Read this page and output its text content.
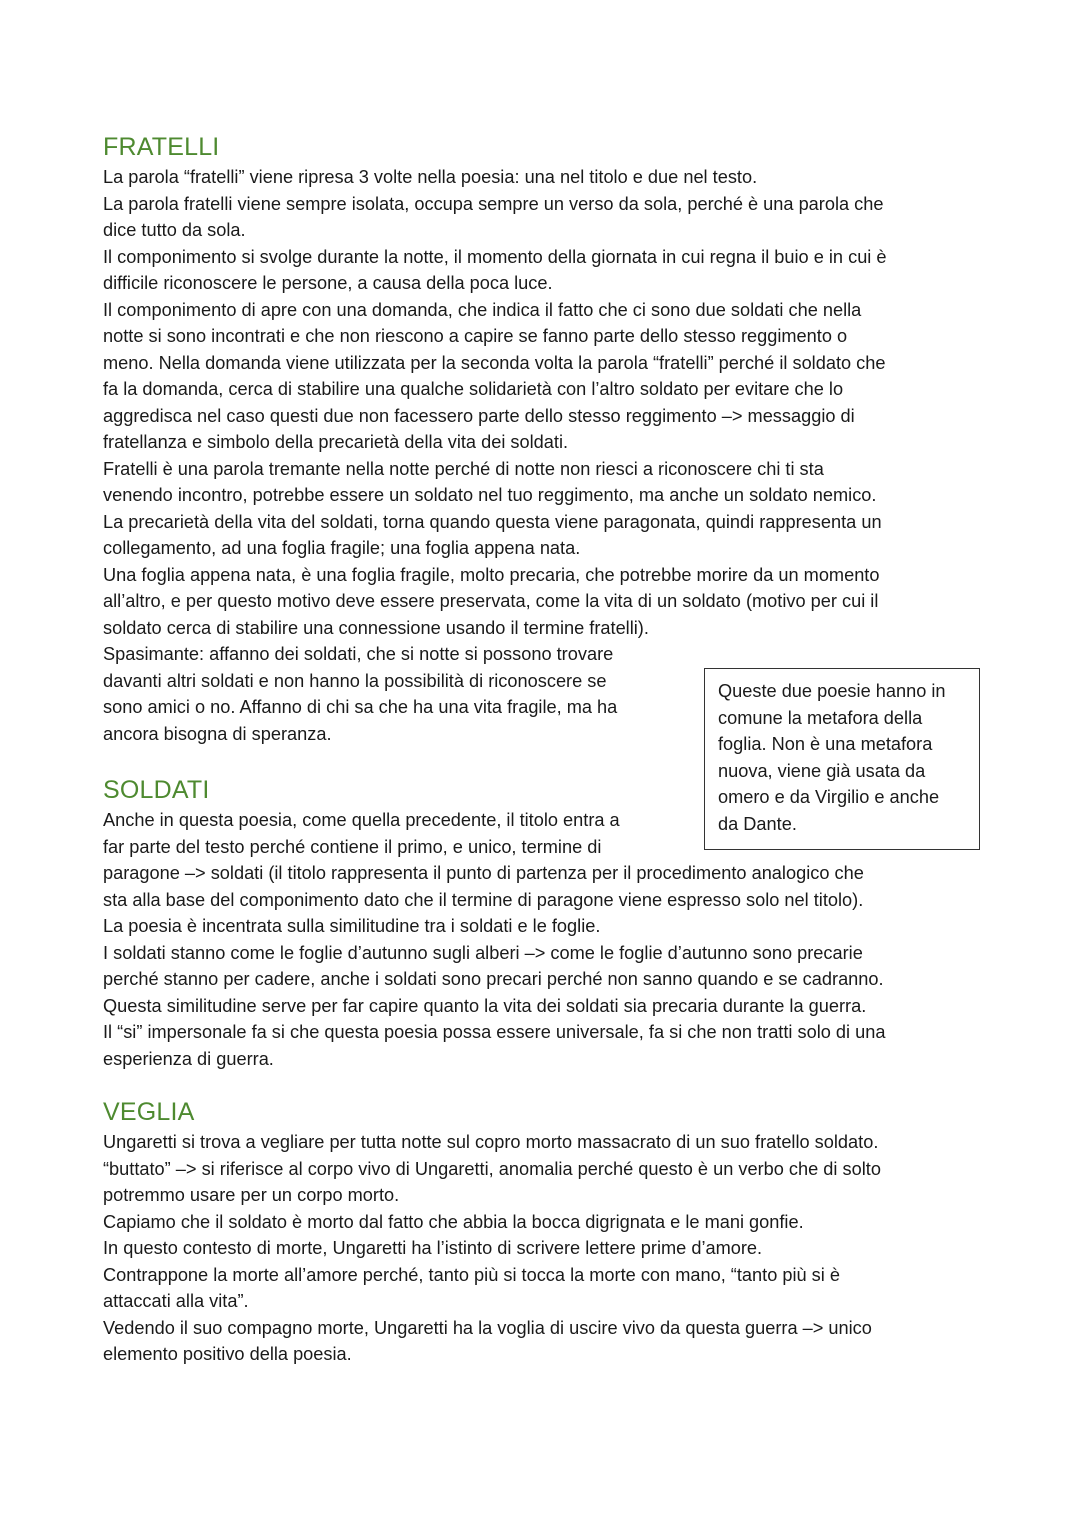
FRATELLI

La parola “fratelli” viene ripresa 3 volte nella poesia: una nel titolo e due nel testo.

La parola fratelli viene sempre isolata, occupa sempre un verso da sola, perché è una parola che

dice tutto da sola.

Il componimento si svolge durante la notte, il momento della giornata in cui regna il buio e in cui è

difficile riconoscere le persone, a causa della poca luce.

Il componimento di apre con una domanda, che indica il fatto che ci sono due soldati che nella

notte si sono incontrati e che non riescono a capire se fanno parte dello stesso reggimento o

meno. Nella domanda viene utilizzata per la seconda volta la parola “fratelli” perché il soldato che

fa la domanda, cerca di stabilire una qualche solidarietà con l’altro soldato per evitare che lo

aggredisca nel caso questi due non facessero parte dello stesso reggimento –> messaggio di

fratellanza e simbolo della precarietà della vita dei soldati.

Fratelli è una parola tremante nella notte perché di notte non riesci a riconoscere chi ti sta

venendo incontro, potrebbe essere un soldato nel tuo reggimento, ma anche un soldato nemico.

La precarietà della vita del soldati, torna quando questa viene paragonata, quindi rappresenta un

collegamento, ad una foglia fragile; una foglia appena nata.

Una foglia appena nata, è una foglia fragile, molto precaria, che potrebbe morire da un momento

all’altro, e per questo motivo deve essere preservata, come la vita di un soldato (motivo per cui il

soldato cerca di stabilire una connessione usando il termine fratelli).

Spasimante: affanno dei soldati, che si notte si possono trovare

davanti altri soldati e non hanno la possibilità di riconoscere se

sono amici o no. Affanno di chi sa che ha una vita fragile, ma ha

ancora bisogna di speranza.

SOLDATI

Anche in questa poesia, come quella precedente, il titolo entra a

far parte del testo perché contiene il primo, e unico, termine di

paragone –> soldati (il titolo rappresenta il punto di partenza per il procedimento analogico che

sta alla base del componimento dato che il termine di paragone viene espresso solo nel titolo).

La poesia è incentrata sulla similitudine tra i soldati e le foglie.

I soldati stanno come le foglie d’autunno sugli alberi –> come le foglie d’autunno sono precarie

perché stanno per cadere, anche i soldati sono precari perché non sanno quando e se cadranno.

Questa similitudine serve per far capire quanto la vita dei soldati sia precaria durante la guerra.

Il “si” impersonale fa si che questa poesia possa essere universale, fa si che non tratti solo di una

esperienza di guerra.

VEGLIA

Ungaretti si trova a vegliare per tutta notte sul copro morto massacrato di un suo fratello soldato.

“buttato” –> si riferisce al corpo vivo di Ungaretti, anomalia perché questo è un verbo che di solto

potremmo usare per un corpo morto.

Capiamo che il soldato è morto dal fatto che abbia la bocca digrignata e le mani gonfie.

In questo contesto di morte, Ungaretti ha l’istinto di scrivere lettere prime d’amore.

Contrappone la morte all’amore perché, tanto più si tocca la morte con mano, “tanto più si è

attaccati alla vita”.

Vedendo il suo compagno morte, Ungaretti ha la voglia di uscire vivo da questa guerra –> unico

elemento positivo della poesia.

Queste due poesie hanno in

comune la metafora della

foglia. Non è una metafora

nuova, viene già usata da

omero e da Virgilio e anche

da Dante.
